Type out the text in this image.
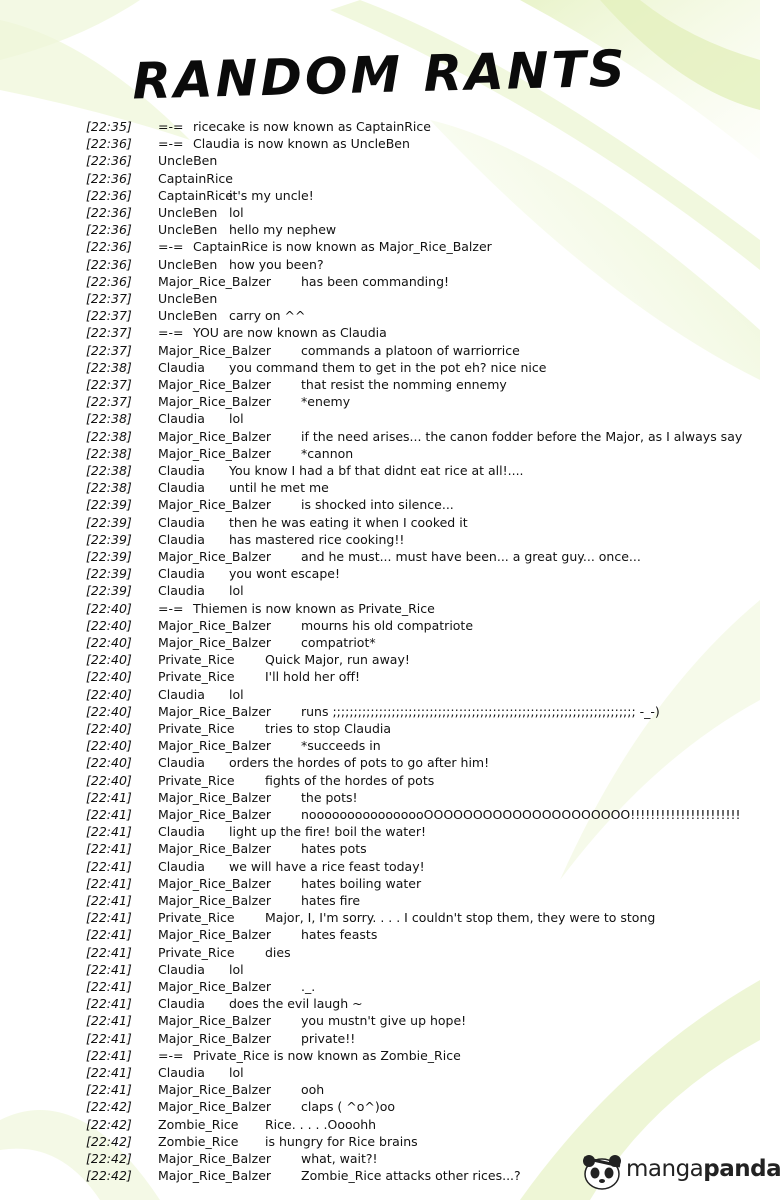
RANDOM RANTS
[22:35] =-= ricecake is now known as CaptainRice
[22:36] =-= Claudia is now known as UncleBen
[22:36] UncleBen
[22:36] CaptainRice
[22:36] CaptainRice
it's my uncle!
[22:36] UncleBen lol
[22:36] UncleBen hello my nephew
[22:36] =-= CaptainRice is now known as Major_Rice_Balzer
[22:36] UncleBen how you been?
[22:36] Major_Rice_Balzer has been commanding!
[22:37] UncleBen
[22:37] UncleBen carry on ^^
[22:37] =-= YOU are now known as Claudia
[22:37] Major_Rice_Balzer commands a platoon of warriorrice
[22:38] Claudia you command them to get in the pot eh? nice nice
[22:37] Major_Rice_Balzer that resist the nomming ennemy
[22:37] Major_Rice_Balzer *enemy
[22:38] Claudia lol
[22:38] Major_Rice_Balzer if the need arises... the canon fodder before the Major, as I always say
[22:38] Major_Rice_Balzer *cannon
[22:38] Claudia You know I had a bf that didnt eat rice at all!....
[22:38] Claudia until he met me
[22:39] Major_Rice_Balzer is shocked into silence...
[22:39] Claudia then he was eating it when I cooked it
[22:39] Claudia has mastered rice cooking!!
[22:39] Major_Rice_Balzer and he must... must have been... a great guy... once...
[22:39] Claudia you wont escape!
[22:39] Claudia lol
[22:40] =-= Thiemen is now known as Private_Rice
[22:40] Major_Rice_Balzer mourns his old compatriote
[22:40] Major_Rice_Balzer compatriot*
[22:40] Private_Rice Quick Major, run away!
[22:40] Private_Rice I'll hold her off!
[22:40] Claudia lol
[22:40] Major_Rice_Balzer runs ;;;;;;;;;;;;;;;;;;;;;;;;;;;;;;;;;;;;;;;;;;;;;;;;;;;;;;;;;;;;;;;;;;;;;;;; -_-)
[22:40] Private_Rice tries to stop Claudia
[22:40] Major_Rice_Balzer *succeeds in
[22:40] Claudia orders the hordes of pots to go after him!
[22:40] Private_Rice fights of the hordes of pots
[22:41] Major_Rice_Balzer the pots!
[22:41] Major_Rice_Balzer noooooooooooooooOOOOOOOOOOOOOOOOOOOOO!!!!!!!!!!!!!!!!!!!!!!
[22:41] Claudia light up the fire! boil the water!
[22:41] Major_Rice_Balzer hates pots
[22:41] Claudia we will have a rice feast today!
[22:41] Major_Rice_Balzer hates boiling water
[22:41] Major_Rice_Balzer hates fire
[22:41] Private_Rice Major, I, I'm sorry. . . . I couldn't stop them, they were to stong
[22:41] Major_Rice_Balzer hates feasts
[22:41] Private_Rice dies
[22:41] Claudia lol
[22:41] Major_Rice_Balzer ._.
[22:41] Claudia does the evil laugh ~
[22:41] Major_Rice_Balzer you mustn't give up hope!
[22:41] Major_Rice_Balzer private!!
[22:41] =-= Private_Rice is now known as Zombie_Rice
[22:41] Claudia lol
[22:41] Major_Rice_Balzer ooh
[22:42] Major_Rice_Balzer claps ( ^o^)oo
[22:42] Zombie_Rice Rice. . . . .Oooohh
[22:42] Zombie_Rice is hungry for Rice brains
[22:42] Major_Rice_Balzer what, wait?!
[22:42] Major_Rice_Balzer Zombie_Rice attacks other rices...?	mangapanda
